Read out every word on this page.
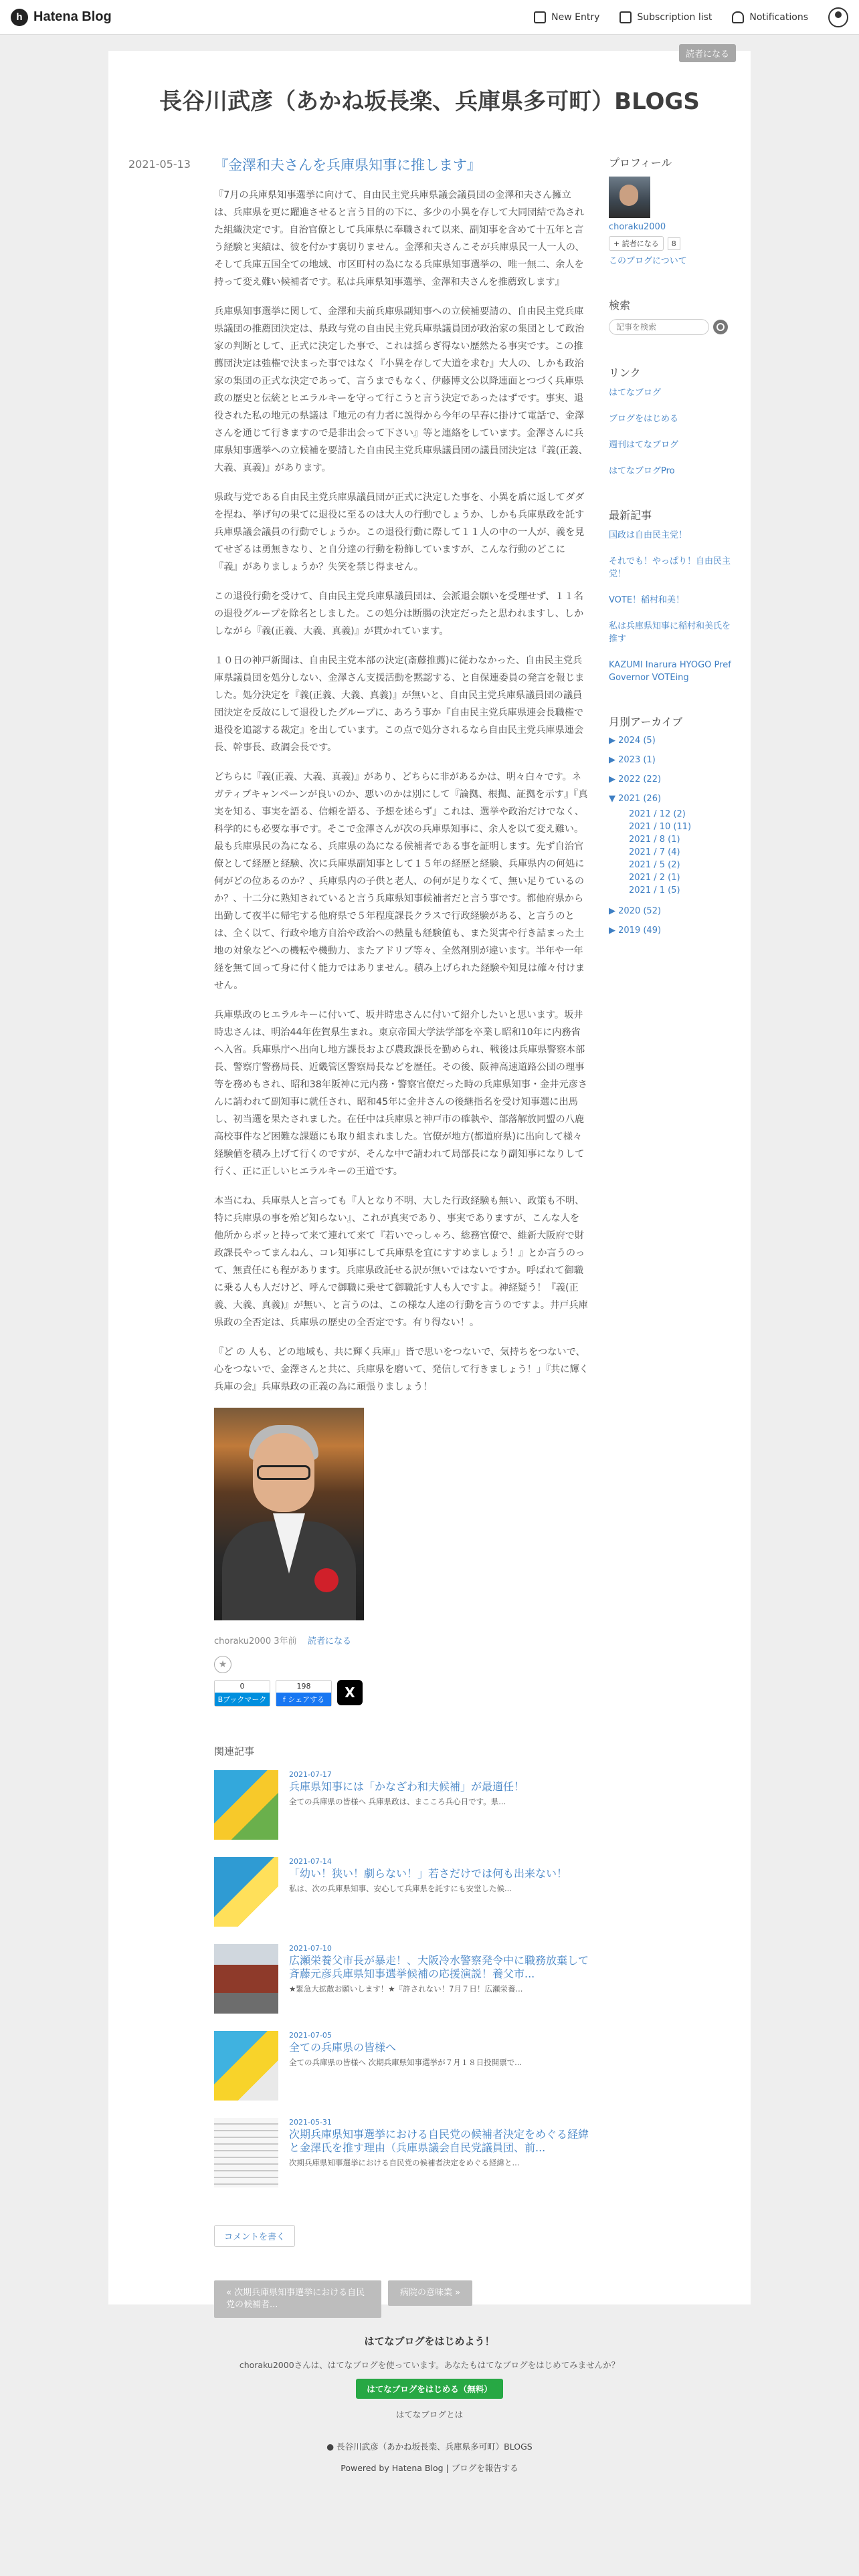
h Hatena Blog	New Entry	Subscription list	Notifications
読者になる
長谷川武彦（あかね坂長楽、兵庫県多可町）BLOGS
2021-05-13 『金澤和夫さんを兵庫県知事に推します』

『7月の兵庫県知事選挙に向けて、自由民主党兵庫県議会議員団の金澤和夫さん擁立は、兵庫県を更に躍進させると言う目的の下に、多少の小異を存して大同団結で為された組織決定です。自治官僚として兵庫県に奉職されて以来、副知事を含めて十五年と言う経験と実績は、彼を付かす裏切りません。金澤和夫さんこそが兵庫県民一人一人の、そして兵庫五国全ての地域、市区町村の為になる兵庫県知事選挙の、唯一無二、余人を持って変え難い候補者です。私は兵庫県知事選挙、金澤和夫さんを推薦致します』

兵庫県知事選挙に関して、金澤和夫前兵庫県副知事への立候補要請の、自由民主党兵庫県議団の推薦団決定は、県政与党の自由民主党兵庫県議員団が政治家の集団として政治家の判断として、正式に決定した事で、これは揺らぎ得ない歴然たる事実です。この推薦団決定は強権で決まった事ではなく『小異を存して大道を求む』大人の、しかも政治家の集団の正式な決定であって、言うまでもなく、伊藤博文公以降連面とつづく兵庫県政の歴史と伝統とヒエラルキーを守って行こうと言う決定であったはずです。事実、退役された私の地元の県議は『地元の有力者に説得から今年の早春に掛けて電話で、金澤さんを通じて行きますので是非出会って下さい』等と連絡をしています。金澤さんに兵庫県知事選挙への立候補を要請した自由民主党兵庫県議員団の議員団決定は『義(正義、大義、真義)』があります。

県政与党である自由民主党兵庫県議員団が正式に決定した事を、小異を盾に返してダダを捏ね、挙げ句の果てに退役に至るのは大人の行動でしょうか、しかも兵庫県政を託す兵庫県議会議員の行動でしょうか。この退役行動に際して１１人の中の一人が、義を見てせざるは勇無きなり、と自分達の行動を粉飾していますが、こんな行動のどこに『義』がありましょうか？失笑を禁じ得ません。

この退役行動を受けて、自由民主党兵庫県議員団は、会派退会願いを受理せず、１１名の退役グループを除名としました。この処分は断腸の決定だったと思われますし、しかしながら『義(正義、大義、真義)』が貫かれています。

１０日の神戸新聞は、自由民主党本部の決定(斎藤推薦)に従わなかった、自由民主党兵庫県議員団を処分しない、金澤さん支援活動を黙認する、と自保連委員の発言を報じました。処分決定を『義(正義、大義、真義)』が無いと、自由民主党兵庫県議員団の議員団決定を反故にして退役したグループに、あろう事か『自由民主党兵庫県連会長職権で退役を追認する裁定』を出しています。この点で処分されるなら自由民主党兵庫県連会長、幹事長、政調会長です。

どちらに『義(正義、大義、真義)』があり、どちらに非があるかは、明々白々です。ネガティブキャンペーンが良いのか、悪いのかは別にして『論拠、根拠、証拠を示す』『真実を知る、事実を語る、信頼を語る、予想を述らず』これは、選挙や政治だけでなく、科学的にも必要な事です。そこで金澤さんが次の兵庫県知事に、余人を以て変え難い。最も兵庫県民の為になる、兵庫県の為になる候補者である事を証明します。先ず自治官僚として経歴と経験、次に兵庫県副知事として１５年の経歴と経験、兵庫県内の何処に何がどの位あるのか？、兵庫県内の子供と老人、の何が足りなくて、無い足りているのか？、十二分に熟知されていると言う兵庫県知事候補者だと言う事です。都他府県から出勤して夜半に帰宅する他府県で５年程度課長クラスで行政経験がある、と言うのとは、全く以て、行政や地方自治や政治への熱量も経験値も、また災害や行き詰まった土地の対象などへの機転や機動力、またアドリブ等々、全然剤別が違います。半年や一年経を無て回って身に付く能力ではありません。積み上げられた経験や知見は確々付けません。

兵庫県政のヒエラルキーに付いて、坂井時忠さんに付いて紹介したいと思います。坂井時忠さんは、明治44年佐賀県生まれ。東京帝国大学法学部を卒業し昭和10年に内務省へ入省。兵庫県庁へ出向し地方課長および農政課長を勤められ、戦後は兵庫県警察本部長、警察庁警務局長、近畿管区警察局長などを歴任。その後、阪神高速道路公団の理事等を務めもされ、昭和38年阪神に元内務・警察官僚だった時の兵庫県知事・金井元彦さんに請われて副知事に就任され、昭和45年に金井さんの後継指名を受け知事選に出馬し、初当選を果たされました。在任中は兵庫県と神戸市の確執や、部落解放同盟の八鹿高校事件など困難な課題にも取り組まれました。官僚が地方(都道府県)に出向して様々経験値を積み上げて行くのですが、そんな中で請われて局部長になり副知事になりして行く、正に正しいヒエラルキーの王道です。

本当にね、兵庫県人と言っても『人となり不明、大した行政経験も無い、政策も不明、特に兵庫県の事を殆ど知らない』、これが真実であり、事実でありますが、こんな人を他所からポッと持って来て連れて来て『若いでっしゃろ、総務官僚で、維新大阪府で財政課長やってまんねん、コレ知事にして兵庫県を宜にすすめましょう！』とか言うのって、無責任にも程があります。兵庫県政託せる訳が無いではないですか。呼ばれて御職に乗る人も人だけど、呼んで御職に乗せて御職託す人も人ですよ。神経疑う！『義(正義、大義、真義)』が無い、と言うのは、この様な人達の行動を言うのですよ。井戸兵庫県政の全否定は、兵庫県の歴史の全否定です。有り得ない！。

『ど の 人も、どの地域も、共に輝く兵庫』」皆で思いをつないで、気持ちをつないで、心をつないで、金澤さんと共に、兵庫県を磨いて、発信して行きましょう！」『共に輝く兵庫の会』兵庫県政の正義の為に頑張りましょう！

choraku2000 3年前 読者になる
★
0
Bブックマーク
198
f シェアする	X
関連記事
2021-07-17
兵庫県知事には「かなざわ和夫候補」が最適任！
全ての兵庫県の皆様へ 兵庫県政は、まこころ兵心日です。県...
2021-07-14
「幼い！狭い！劇らない！」若さだけでは何も出来ない！
私は、次の兵庫県知事、安心して兵庫県を託すにも安堂した候...
2021-07-10
広瀬栄養父市長が暴走！、大阪冷水警察発令中に職務放棄して斉藤元彦兵庫県知事選挙候補の応援演説！養父市...
★緊急大拡散お願いします！★『許されない！7月７日！広瀬栄養...
2021-07-05
全ての兵庫県の皆様へ
全ての兵庫県の皆様へ 次期兵庫県知事選挙が７月１８日投開票で...
2021-05-31
次期兵庫県知事選挙における自民党の候補者決定をめぐる経緯と金澤氏を推す理由（兵庫県議会自民党議員団、前...
次期兵庫県知事選挙における自民党の候補者決定をめぐる経緯と...
コメントを書く
« 次期兵庫県知事選挙における自民党の候補者...
病院の意味業 »
プロフィール
choraku2000
+ 読者になる	8
このブログについて
検索
記事を検索
リンク
はてなブログ
ブログをはじめる
週刊はてなブログ
はてなブログPro
最新記事
国政は自由民主党！
それでも！やっぱり！自由民主党！
VOTE！稲村和美！
私は兵庫県知事に稲村和美氏を推す
KAZUMI Inarura HYOGO Pref Governor VOTEing
月別アーカイブ
▶ 2024 (5)
▶ 2023 (1)
▶ 2022 (22)
▼ 2021 (26)
2021 / 12 (2)
2021 / 10 (11)
2021 / 8 (1)
2021 / 7 (4)
2021 / 5 (2)
2021 / 2 (1)
2021 / 1 (5)
▶ 2020 (52)
▶ 2019 (49)
はてなブログをはじめよう！
choraku2000さんは、はてなブログを使っています。あなたもはてなブログをはじめてみませんか？
はてなブログをはじめる（無料）
はてなブログとは
● 長谷川武彦（あかね坂長楽、兵庫県多可町）BLOGS
Powered by Hatena Blog | ブログを報告する
